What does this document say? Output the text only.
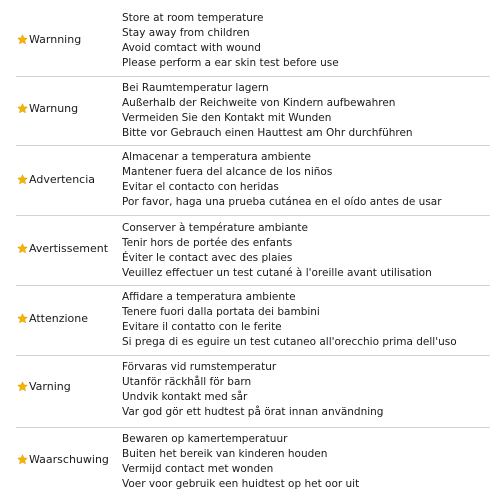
Warnning
Store at room temperature
Stay away from children
Avoid comtact with wound
Please perform a ear skin test before use
Warnung
Bei Raumtemperatur lagern
Außerhalb der Reichweite von Kindern aufbewahren
Vermeiden Sie den Kontakt mit Wunden
Bitte vor Gebrauch einen Hauttest am Ohr durchführen
Advertencia
Almacenar a temperatura ambiente
Mantener fuera del alcance de los niños
Evitar el contacto con heridas
Por favor, haga una prueba cutánea en el oído antes de usar
Avertissement
Conserver à température ambiante
Tenir hors de portée des enfants
Éviter le contact avec des plaies
Veuillez effectuer un test cutané à l'oreille avant utilisation
Attenzione
Affidare a temperatura ambiente
Tenere fuori dalla portata dei bambini
Evitare il contatto con le ferite
Si prega di es eguire un test cutaneo all'orecchio prima dell'uso
Varning
Förvaras vid rumstemperatur
Utanför räckhåll för barn
Undvik kontakt med sår
Var god gör ett hudtest på örat innan användning
Waarschuwing
Bewaren op kamertemperatuur
Buiten het bereik van kinderen houden
Vermijd contact met wonden
Voer voor gebruik een huidtest op het oor uit
